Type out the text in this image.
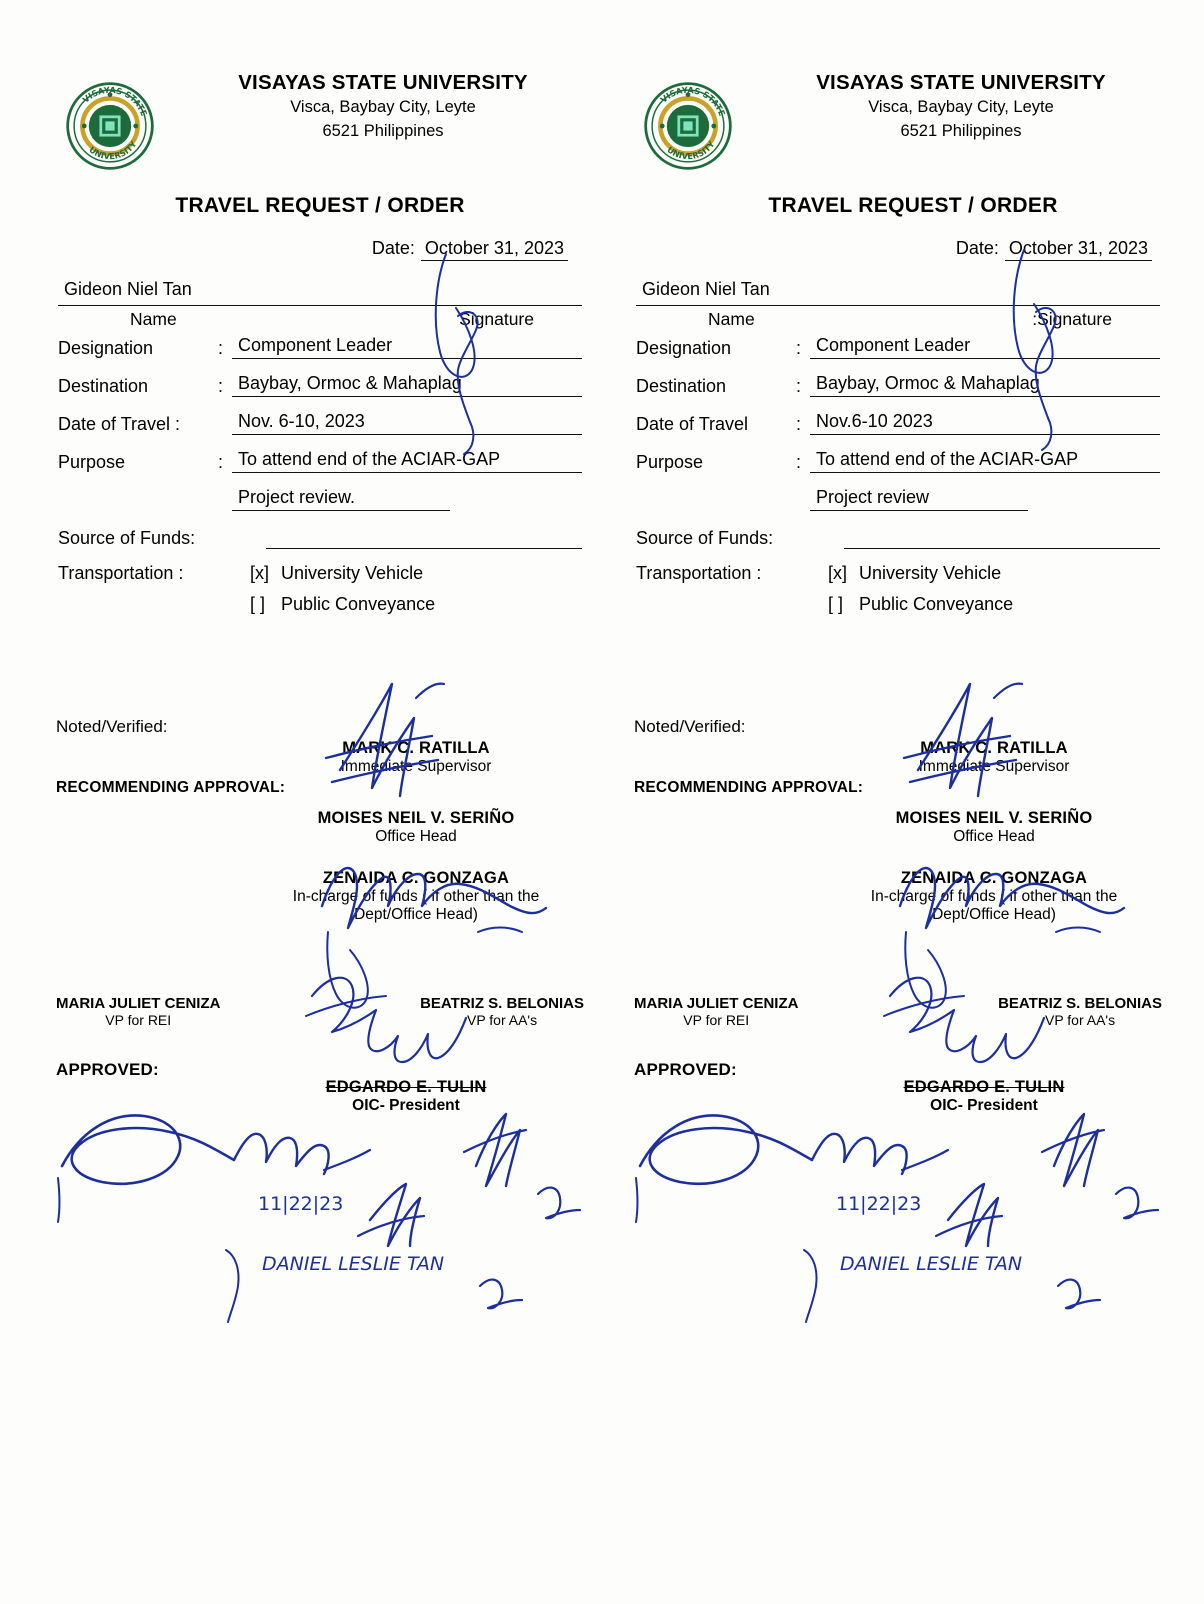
VISAYAS STATE
UNIVERSITY
VISAYAS STATE UNIVERSITY
Visca, Baybay City, Leyte
6521 Philippines
TRAVEL REQUEST / ORDER
Date: October 31, 2023
Gideon Niel Tan
Name	Signature
Designation	: Component Leader
Destination	: Baybay, Ormoc & Mahaplag
Date of Travel :	Nov. 6-10, 2023
Purpose	: To attend end of the ACIAR-GAP
Project review.
Source of Funds:
Transportation :	[x] University Vehicle
[ ] Public Conveyance
Noted/Verified:
MARK C. RATILLA
Immediate Supervisor
RECOMMENDING APPROVAL:
MOISES NEIL V. SERIÑO
Office Head
ZENAIDA C. GONZAGA
In-charge of funds ( if other than the
Dept/Office Head)
MARIA JULIET CENIZA
VP for REI
BEATRIZ S. BELONIAS
VP for AA's
APPROVED:
EDGARDO E. TULIN
OIC- President
11|22|23
DANIEL LESLIE TAN
VISAYAS STATE
UNIVERSITY
VISAYAS STATE UNIVERSITY
Visca, Baybay City, Leyte
6521 Philippines
TRAVEL REQUEST / ORDER
Date: October 31, 2023
Gideon Niel Tan
Name	:Signature
Designation	: Component Leader
Destination	: Baybay, Ormoc & Mahaplag
Date of Travel	: Nov.6-10 2023
Purpose	: To attend end of the ACIAR-GAP
Project review
Source of Funds:
Transportation :	[x] University Vehicle
[ ] Public Conveyance
Noted/Verified:
MARK C. RATILLA
Immediate Supervisor
RECOMMENDING APPROVAL:
MOISES NEIL V. SERIÑO
Office Head
ZENAIDA C. GONZAGA
In-charge of funds ( if other than the
Dept/Office Head)
MARIA JULIET CENIZA
VP for REI
BEATRIZ S. BELONIAS
VP for AA's
APPROVED:
EDGARDO E. TULIN
OIC- President
11|22|23
DANIEL LESLIE TAN
